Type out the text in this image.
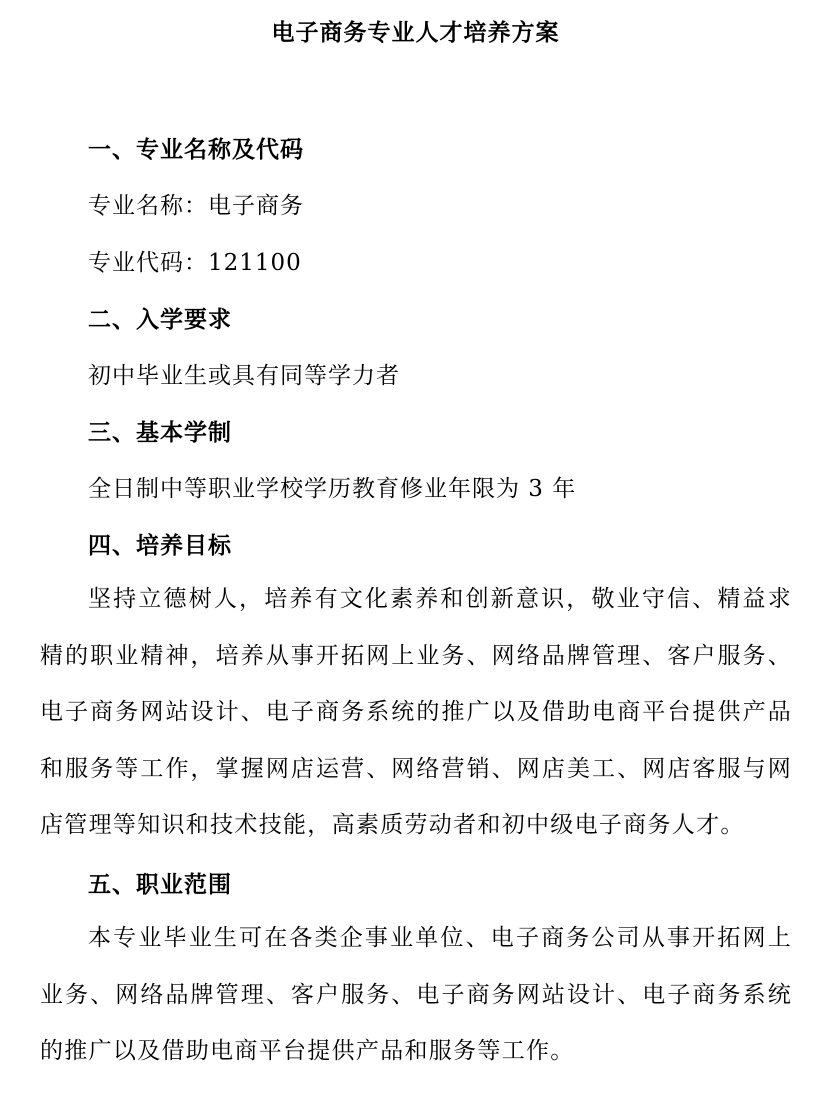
电子商务专业人才培养方案
一、专业名称及代码
专业名称：电子商务
专业代码：121100
二、入学要求
初中毕业生或具有同等学力者
三、基本学制
全日制中等职业学校学历教育修业年限为 3 年
四、培养目标
坚持立德树人，培养有文化素养和创新意识，敬业守信、精益求精的职业精神，培养从事开拓网上业务、网络品牌管理、客户服务、电子商务网站设计、电子商务系统的推广以及借助电商平台提供产品和服务等工作，掌握网店运营、网络营销、网店美工、网店客服与网店管理等知识和技术技能，高素质劳动者和初中级电子商务人才。
五、职业范围
本专业毕业生可在各类企事业单位、电子商务公司从事开拓网上业务、网络品牌管理、客户服务、电子商务网站设计、电子商务系统的推广以及借助电商平台提供产品和服务等工作。
